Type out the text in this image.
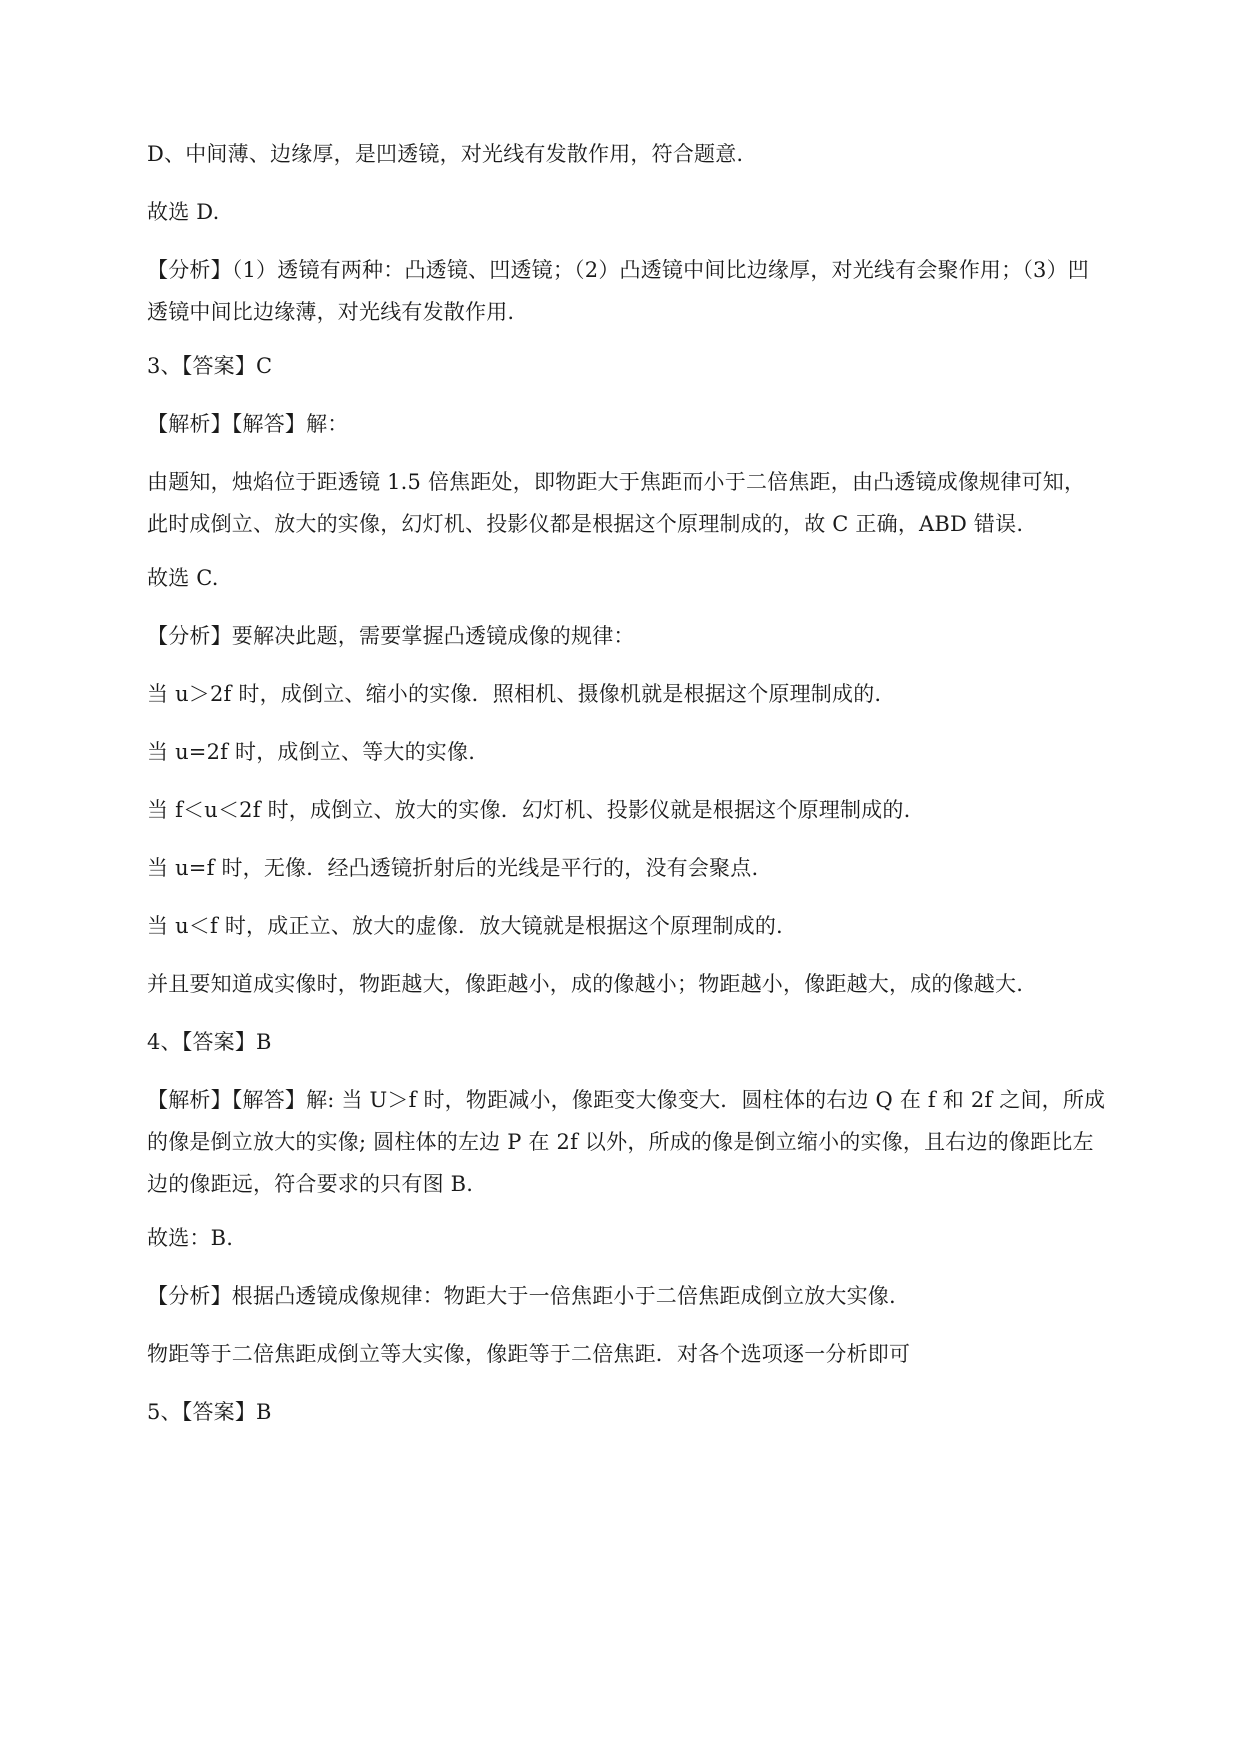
D、中间薄、边缘厚，是凹透镜，对光线有发散作用，符合题意.
故选 D.
【分析】（1）透镜有两种：凸透镜、凹透镜；（2）凸透镜中间比边缘厚，对光线有会聚作用；（3）凹
透镜中间比边缘薄，对光线有发散作用.
3、【答案】C
【解析】【解答】解：
由题知，烛焰位于距透镜 1.5 倍焦距处，即物距大于焦距而小于二倍焦距，由凸透镜成像规律可知，
此时成倒立、放大的实像，幻灯机、投影仪都是根据这个原理制成的，故 C 正确，ABD 错误.
故选 C.
【分析】要解决此题，需要掌握凸透镜成像的规律：
当 u＞2f 时，成倒立、缩小的实像．照相机、摄像机就是根据这个原理制成的.
当 u=2f 时，成倒立、等大的实像.
当 f＜u＜2f 时，成倒立、放大的实像．幻灯机、投影仪就是根据这个原理制成的.
当 u=f 时，无像．经凸透镜折射后的光线是平行的，没有会聚点.
当 u＜f 时，成正立、放大的虚像．放大镜就是根据这个原理制成的.
并且要知道成实像时，物距越大，像距越小，成的像越小；物距越小，像距越大，成的像越大.
4、【答案】B
【解析】【解答】解: 当 U＞f 时，物距减小，像距变大像变大．圆柱体的右边 Q 在 f 和 2f 之间，所成
的像是倒立放大的实像; 圆柱体的左边 P 在 2f 以外，所成的像是倒立缩小的实像，且右边的像距比左
边的像距远，符合要求的只有图 B.
故选：B.
【分析】根据凸透镜成像规律：物距大于一倍焦距小于二倍焦距成倒立放大实像.
物距等于二倍焦距成倒立等大实像，像距等于二倍焦距．对各个选项逐一分析即可
5、【答案】B
